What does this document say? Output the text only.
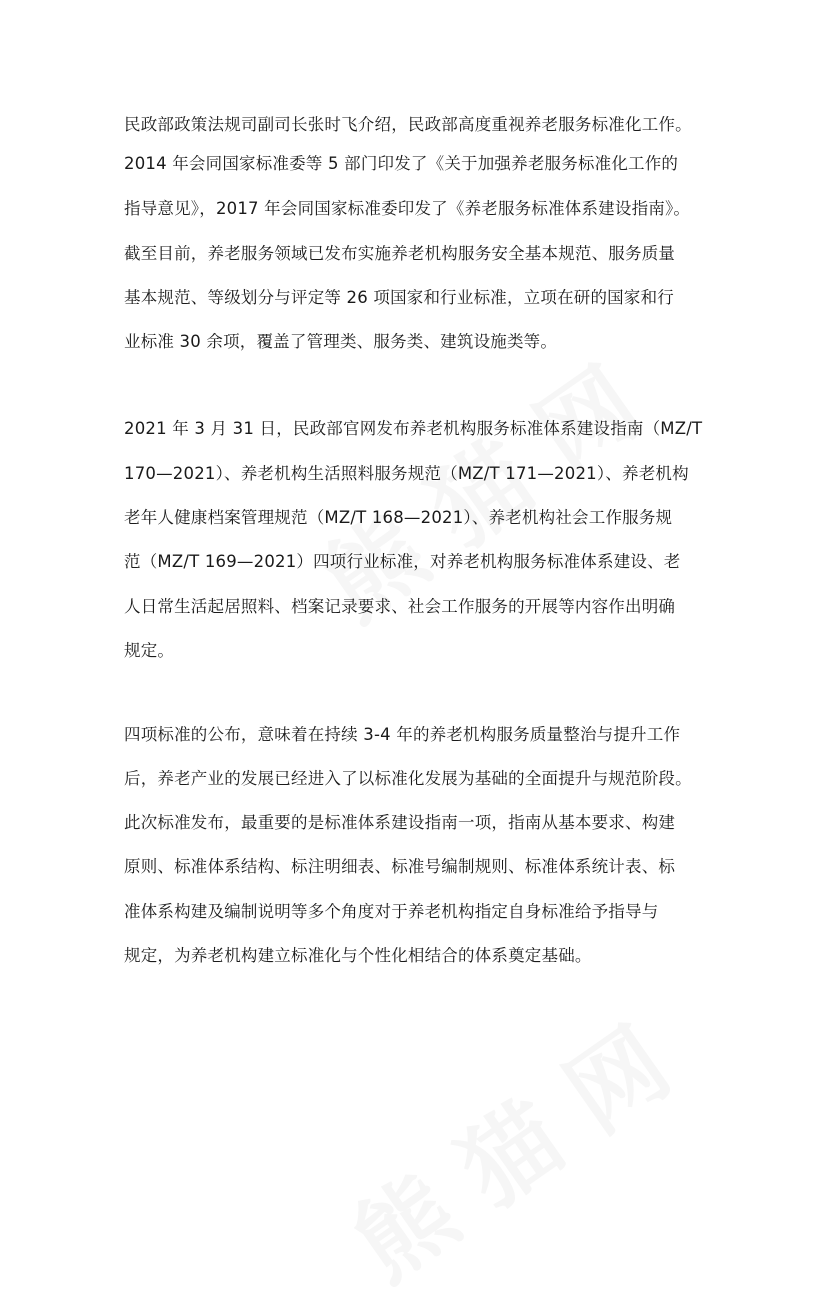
民政部政策法规司副司长张时飞介绍，民政部高度重视养老服务标准化工作。
2014 年会同国家标准委等 5 部门印发了《关于加强养老服务标准化工作的
指导意见》，2017 年会同国家标准委印发了《养老服务标准体系建设指南》。
截至目前，养老服务领域已发布实施养老机构服务安全基本规范、服务质量
基本规范、等级划分与评定等 26 项国家和行业标准，立项在研的国家和行
业标准 30 余项，覆盖了管理类、服务类、建筑设施类等。
2021 年 3 月 31 日，民政部官网发布养老机构服务标准体系建设指南（MZ/T
170—2021）、养老机构生活照料服务规范（MZ/T 171—2021）、养老机构
老年人健康档案管理规范（MZ/T 168—2021）、养老机构社会工作服务规
范（MZ/T 169—2021）四项行业标准，对养老机构服务标准体系建设、老
人日常生活起居照料、档案记录要求、社会工作服务的开展等内容作出明确
规定。
四项标准的公布，意味着在持续 3-4 年的养老机构服务质量整治与提升工作
后，养老产业的发展已经进入了以标准化发展为基础的全面提升与规范阶段。
此次标准发布，最重要的是标准体系建设指南一项，指南从基本要求、构建
原则、标准体系结构、标注明细表、标准号编制规则、标准体系统计表、标
准体系构建及编制说明等多个角度对于养老机构指定自身标准给予指导与
规定，为养老机构建立标准化与个性化相结合的体系奠定基础。
